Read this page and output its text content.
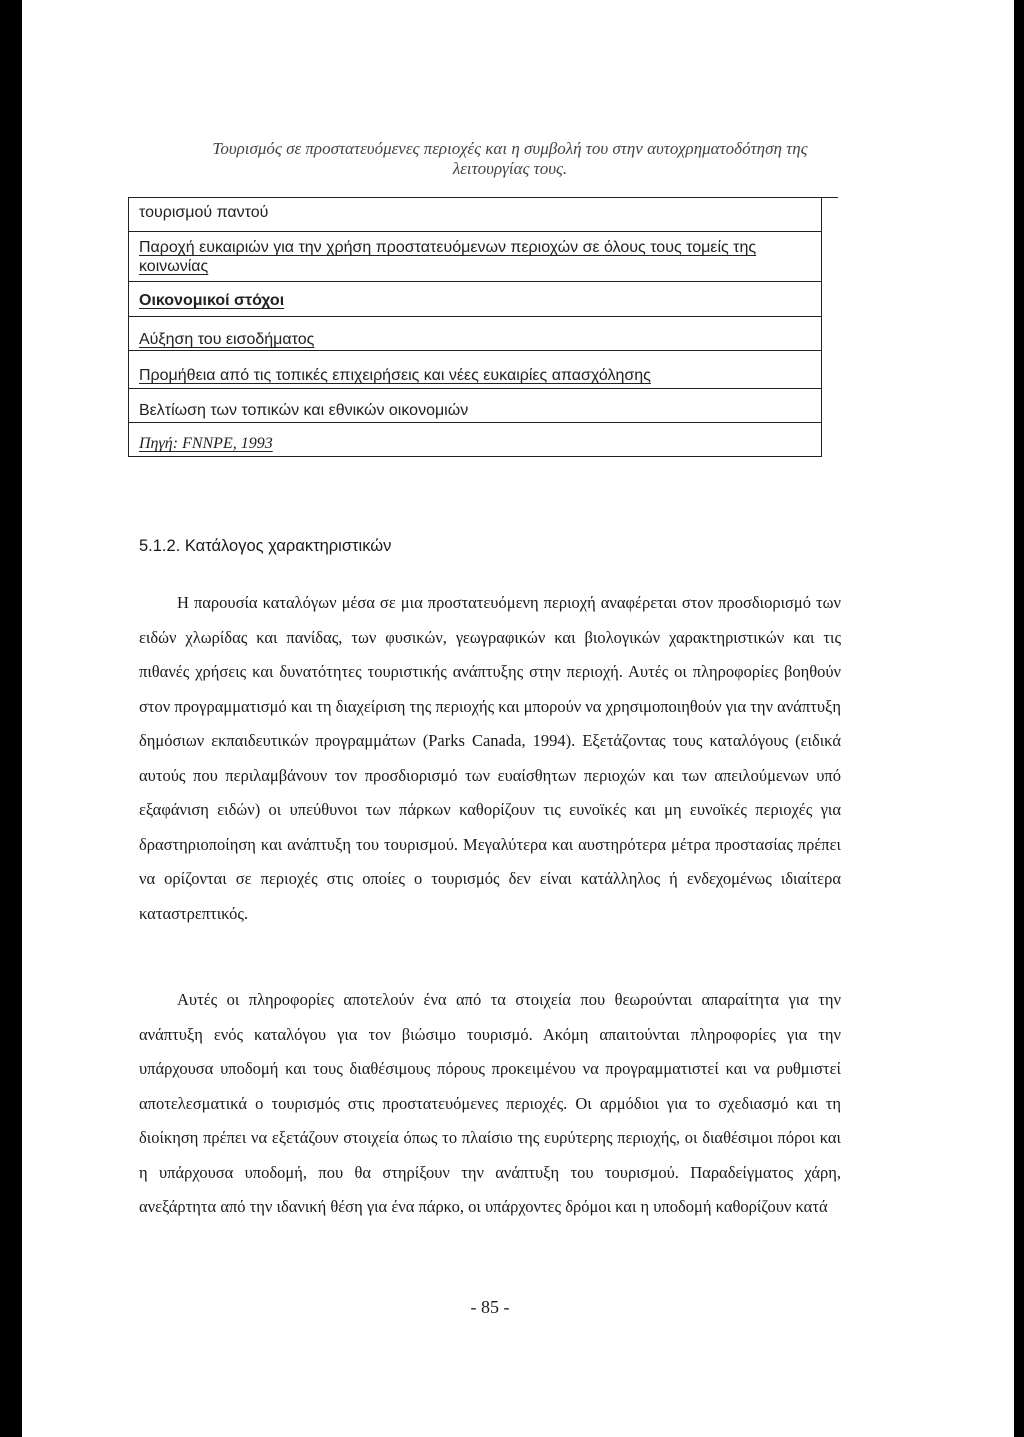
Τουρισμός σε προστατευόμενες περιοχές και η συμβολή του στην αυτοχρηματοδότηση της
λειτουργίας τους.
τουρισμού παντού
Παροχή ευκαιριών για την χρήση προστατευόμενων περιοχών σε όλους τους τομείς της κοινωνίας
Οικονομικοί στόχοι
Αύξηση του εισοδήματος
Προμήθεια από τις τοπικές επιχειρήσεις και νέες ευκαιρίες απασχόλησης
Βελτίωση των τοπικών και εθνικών οικονομιών
Πηγή: FNNPE, 1993
5.1.2. Κατάλογος χαρακτηριστικών

Η παρουσία καταλόγων μέσα σε μια προστατευόμενη περιοχή αναφέρεται στον προσδιορισμό των ειδών χλωρίδας και πανίδας, των φυσικών, γεωγραφικών και βιολογικών χαρακτηριστικών και τις πιθανές χρήσεις και δυνατότητες τουριστικής ανάπτυξης στην περιοχή. Αυτές οι πληροφορίες βοηθούν στον προγραμματισμό και τη διαχείριση της περιοχής και μπορούν να χρησιμοποιηθούν για την ανάπτυξη δημόσιων εκπαιδευτικών προγραμμάτων (Parks Canada, 1994). Εξετάζοντας τους καταλόγους (ειδικά αυτούς που περιλαμβάνουν τον προσδιορισμό των ευαίσθητων περιοχών και των απειλούμενων υπό εξαφάνιση ειδών) οι υπεύθυνοι των πάρκων καθορίζουν τις ευνοϊκές και μη ευνοϊκές περιοχές για δραστηριοποίηση και ανάπτυξη του τουρισμού. Μεγαλύτερα και αυστηρότερα μέτρα προστασίας πρέπει να ορίζονται σε περιοχές στις οποίες ο τουρισμός δεν είναι κατάλληλος ή ενδεχομένως ιδιαίτερα καταστρεπτικός.

Αυτές οι πληροφορίες αποτελούν ένα από τα στοιχεία που θεωρούνται απαραίτητα για την ανάπτυξη ενός καταλόγου για τον βιώσιμο τουρισμό. Ακόμη απαιτούνται πληροφορίες για την υπάρχουσα υποδομή και τους διαθέσιμους πόρους προκειμένου να προγραμματιστεί και να ρυθμιστεί αποτελεσματικά ο τουρισμός στις προστατευόμενες περιοχές. Οι αρμόδιοι για το σχεδιασμό και τη διοίκηση πρέπει να εξετάζουν στοιχεία όπως το πλαίσιο της ευρύτερης περιοχής, οι διαθέσιμοι πόροι και η υπάρχουσα υποδομή, που θα στηρίξουν την ανάπτυξη του τουρισμού. Παραδείγματος χάρη, ανεξάρτητα από την ιδανική θέση για ένα πάρκο, οι υπάρχοντες δρόμοι και η υποδομή καθορίζουν κατά

- 85 -
